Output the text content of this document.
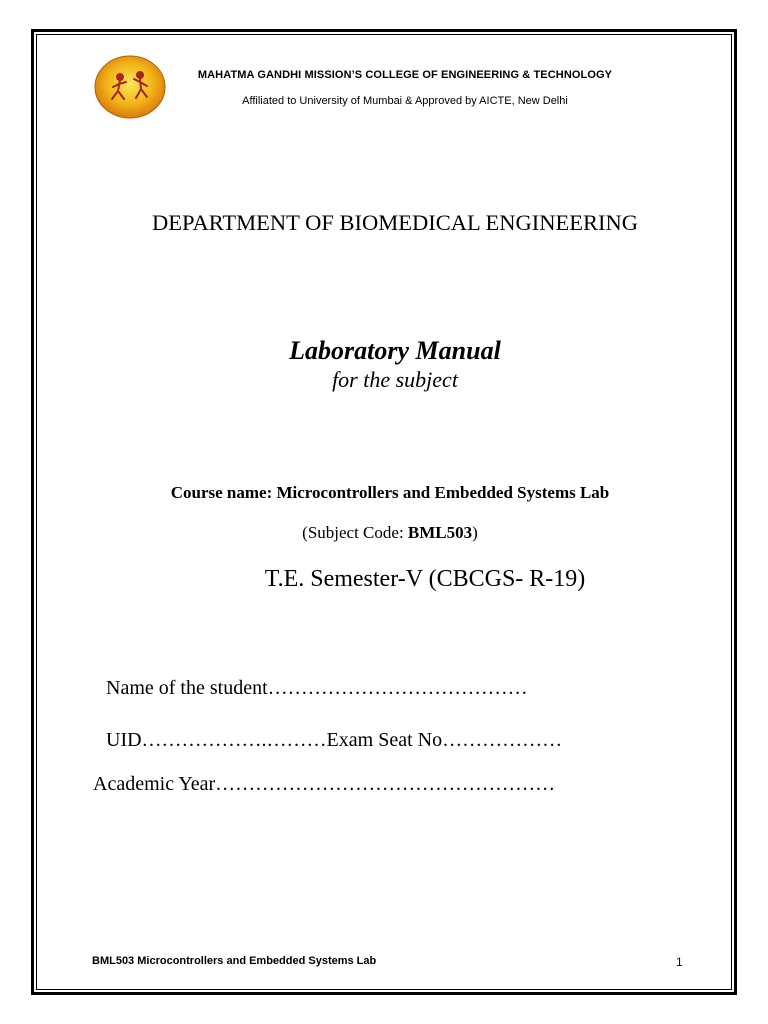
MAHATMA GANDHI MISSION’S COLLEGE OF ENGINEERING & TECHNOLOGY
Affiliated to University of Mumbai & Approved by AICTE, New Delhi
DEPARTMENT OF BIOMEDICAL ENGINEERING
Laboratory Manual
for the subject
Course name: Microcontrollers and Embedded Systems Lab
(Subject Code: BML503)
T.E. Semester-V (CBCGS- R-19)
Name of the student…………………………………
UID……………….………Exam Seat No………………
Academic Year……………………………………………
BML503 Microcontrollers and Embedded Systems Lab	1
